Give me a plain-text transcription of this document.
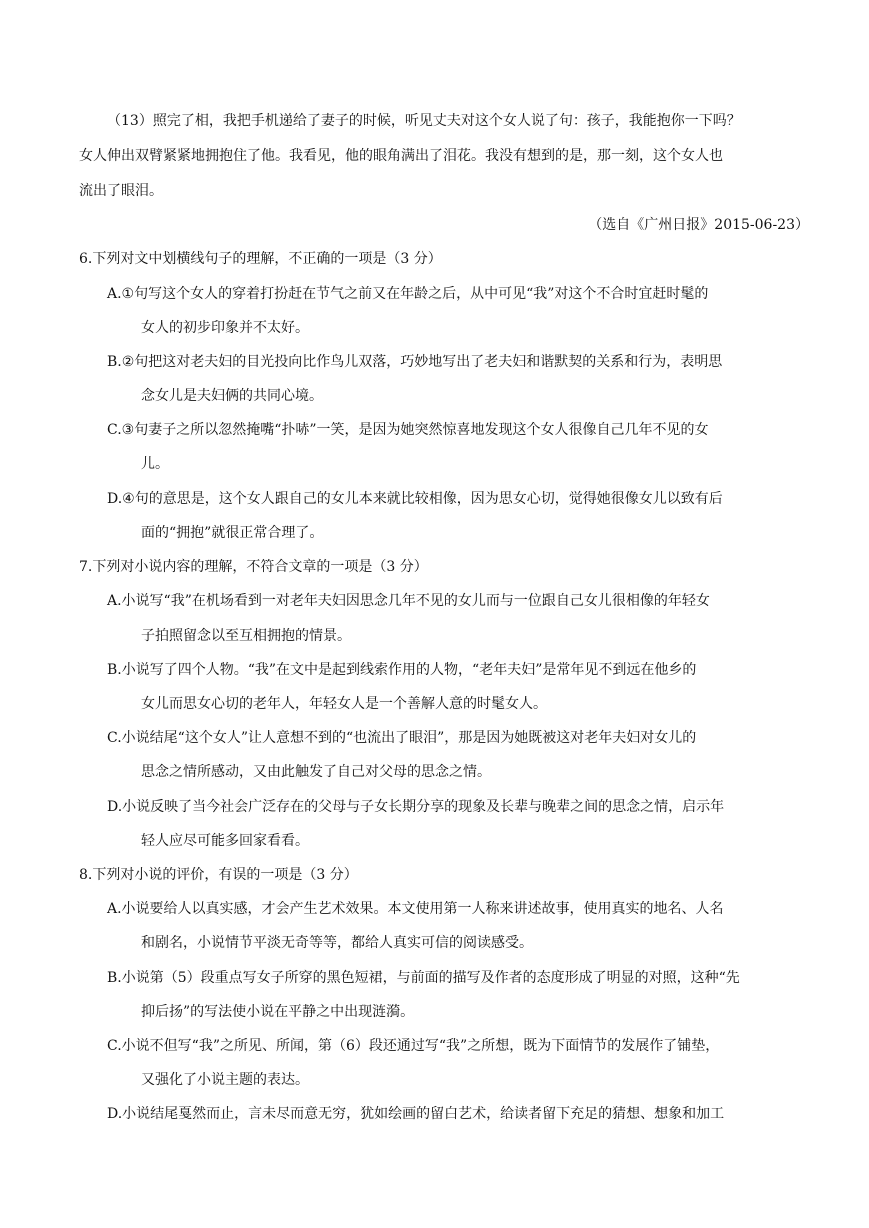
（13）照完了相，我把手机递给了妻子的时候，听见丈夫对这个女人说了句：孩子，我能抱你一下吗？
女人伸出双臂紧紧地拥抱住了他。我看见，他的眼角满出了泪花。我没有想到的是，那一刻，这个女人也
流出了眼泪。
（选自《广州日报》2015-06-23）
6.下列对文中划横线句子的理解，不正确的一项是（3 分）
A.①句写这个女人的穿着打扮赶在节气之前又在年龄之后，从中可见“我”对这个不合时宜赶时髦的
女人的初步印象并不太好。
B.②句把这对老夫妇的目光投向比作鸟儿双落，巧妙地写出了老夫妇和谐默契的关系和行为，表明思
念女儿是夫妇俩的共同心境。
C.③句妻子之所以忽然掩嘴“扑哧”一笑，是因为她突然惊喜地发现这个女人很像自己几年不见的女
儿。
D.④句的意思是，这个女人跟自己的女儿本来就比较相像，因为思女心切，觉得她很像女儿以致有后
面的“拥抱”就很正常合理了。
7.下列对小说内容的理解，不符合文章的一项是（3 分）
A.小说写“我”在机场看到一对老年夫妇因思念几年不见的女儿而与一位跟自己女儿很相像的年轻女
子拍照留念以至互相拥抱的情景。
B.小说写了四个人物。“我”在文中是起到线索作用的人物，“老年夫妇”是常年见不到远在他乡的
女儿而思女心切的老年人，年轻女人是一个善解人意的时髦女人。
C.小说结尾“这个女人”让人意想不到的“也流出了眼泪”，那是因为她既被这对老年夫妇对女儿的
思念之情所感动，又由此触发了自己对父母的思念之情。
D.小说反映了当今社会广泛存在的父母与子女长期分享的现象及长辈与晚辈之间的思念之情，启示年
轻人应尽可能多回家看看。
8.下列对小说的评价，有误的一项是（3 分）
A.小说要给人以真实感，才会产生艺术效果。本文使用第一人称来讲述故事，使用真实的地名、人名
和剧名，小说情节平淡无奇等等，都给人真实可信的阅读感受。
B.小说第（5）段重点写女子所穿的黑色短裙，与前面的描写及作者的态度形成了明显的对照，这种“先
抑后扬”的写法使小说在平静之中出现涟漪。
C.小说不但写“我”之所见、所闻，第（6）段还通过写“我”之所想，既为下面情节的发展作了铺垫，
又强化了小说主题的表达。
D.小说结尾戛然而止，言未尽而意无穷，犹如绘画的留白艺术，给读者留下充足的猜想、想象和加工
